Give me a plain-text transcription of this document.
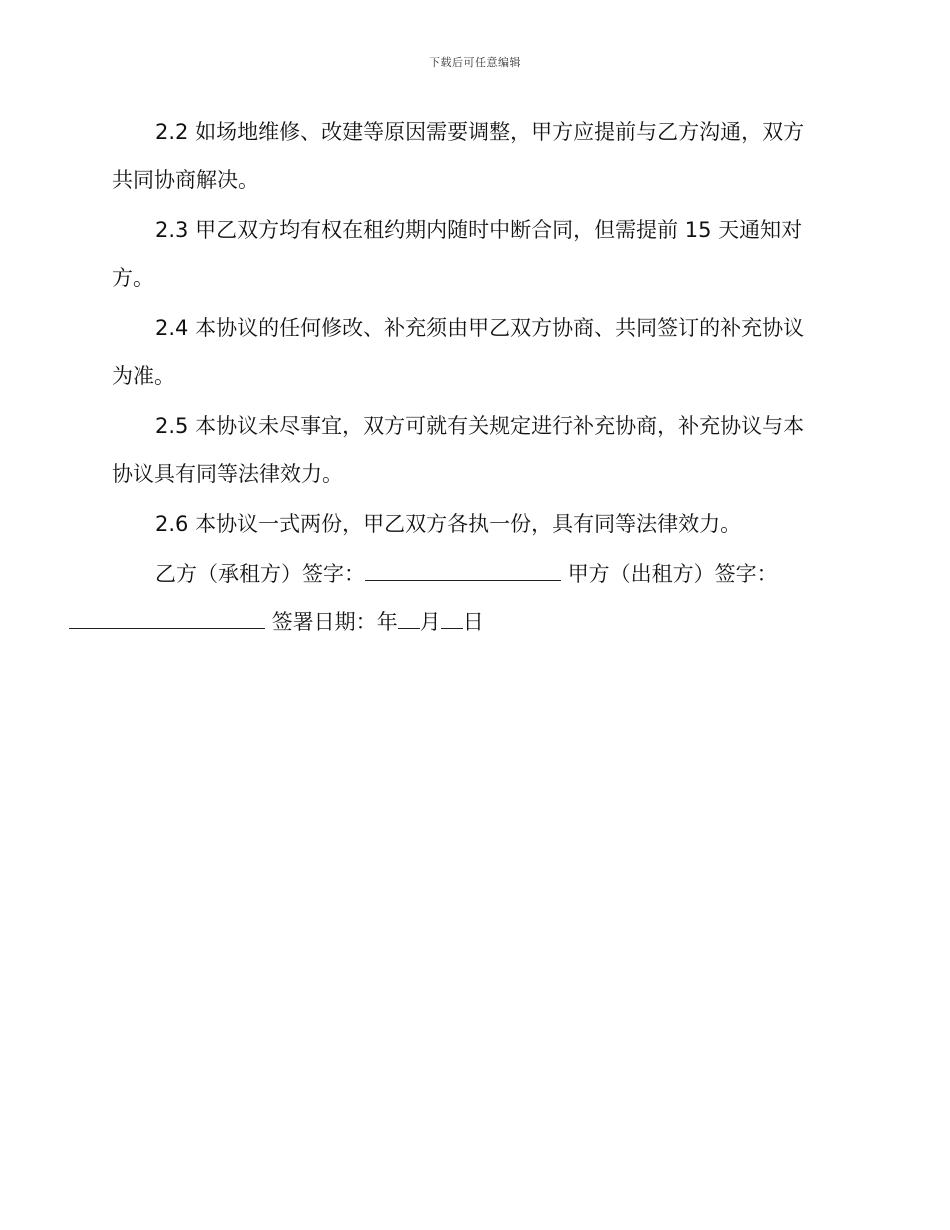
下载后可任意编辑

2.2 如场地维修、改建等原因需要调整，甲方应提前与乙方沟通，双方共同协商解决。

2.3 甲乙双方均有权在租约期内随时中断合同，但需提前 15 天通知对方。

2.4 本协议的任何修改、补充须由甲乙双方协商、共同签订的补充协议为准。

2.5 本协议未尽事宜，双方可就有关规定进行补充协商，补充协议与本协议具有同等法律效力。

2.6 本协议一式两份，甲乙双方各执一份，具有同等法律效力。

乙方（承租方）签字：	甲方（出租方）签字：
签署日期：年 月 日
